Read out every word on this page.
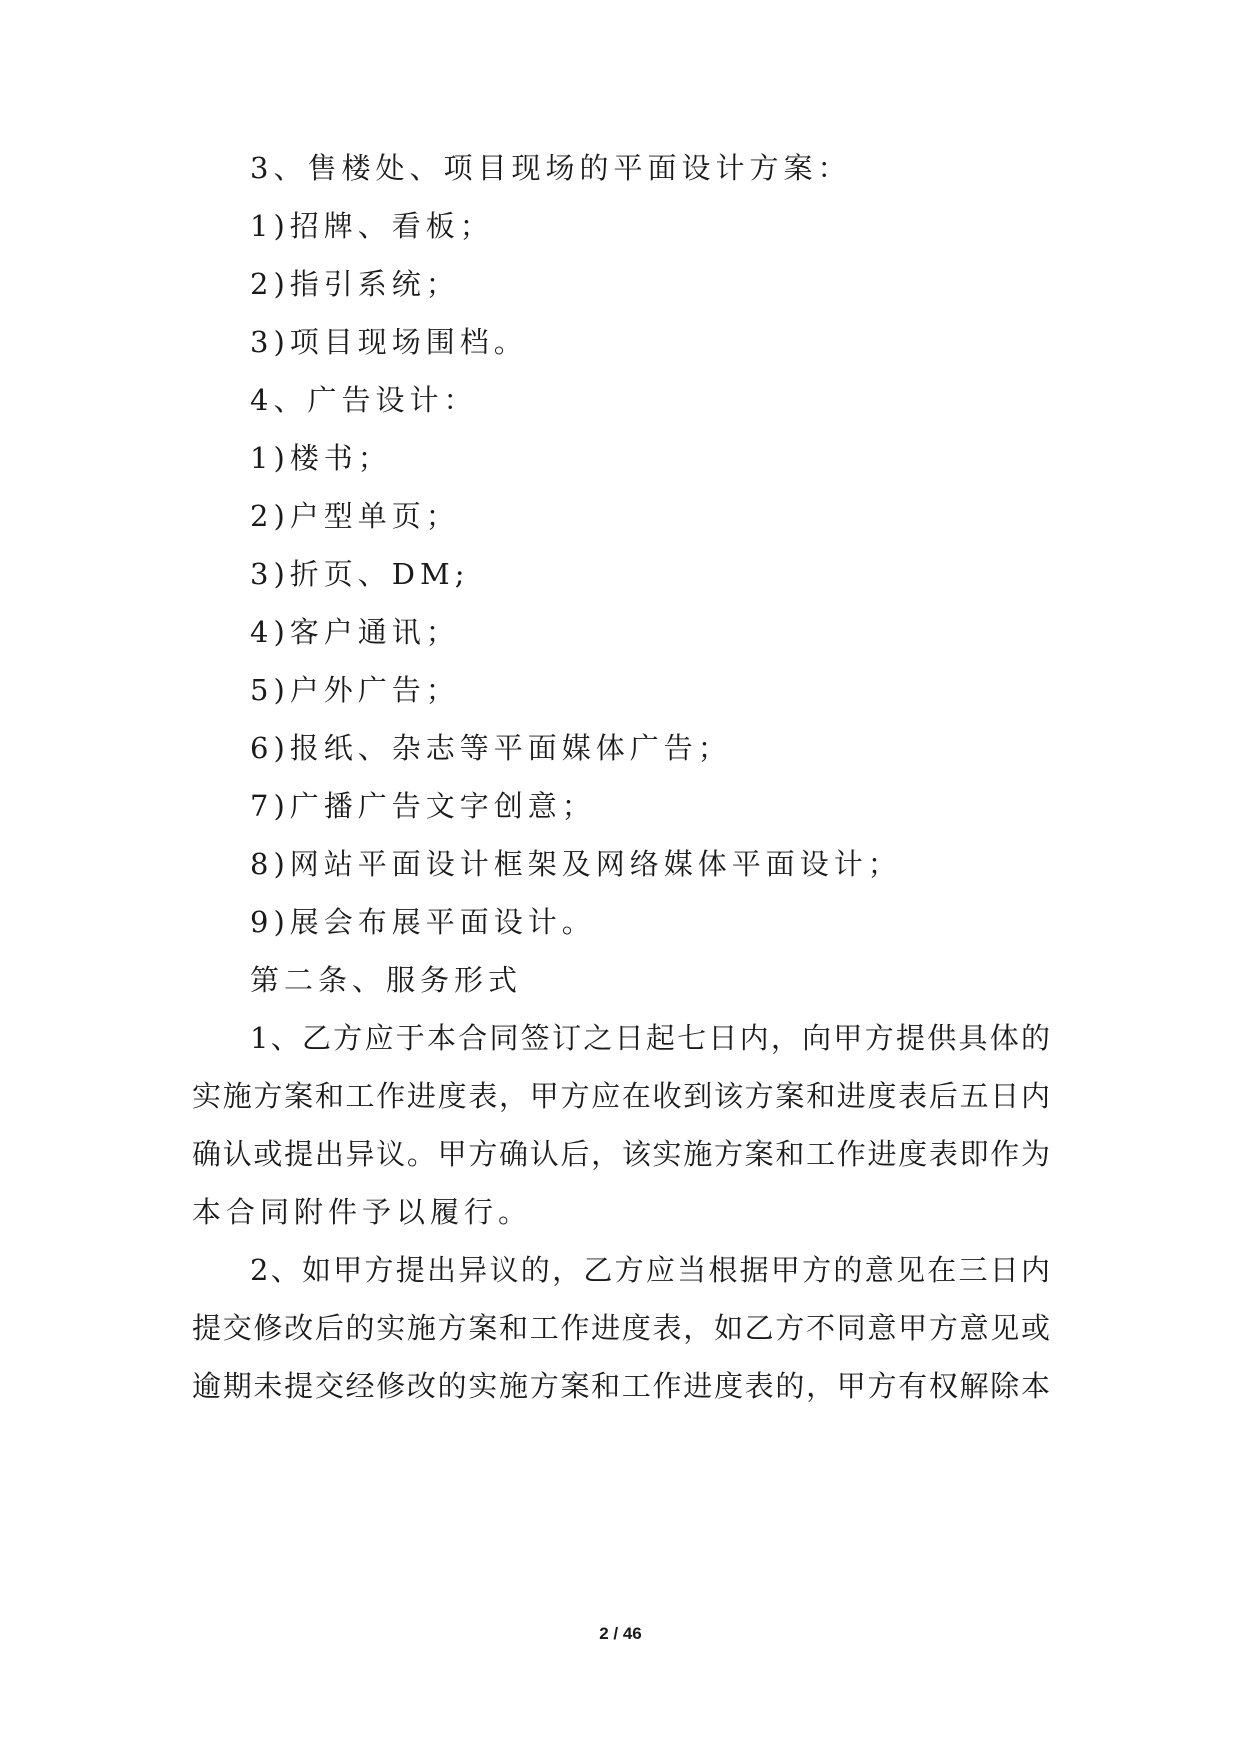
3、售楼处、项目现场的平面设计方案：
1)招牌、看板；
2)指引系统；
3)项目现场围档。
4、广告设计：
1)楼书；
2)户型单页；
3)折页、DM;
4)客户通讯；
5)户外广告；
6)报纸、杂志等平面媒体广告；
7)广播广告文字创意；
8)网站平面设计框架及网络媒体平面设计；
9)展会布展平面设计。
第二条、服务形式
1、乙方应于本合同签订之日起七日内，向甲方提供具体的
实施方案和工作进度表，甲方应在收到该方案和进度表后五日内
确认或提出异议。甲方确认后，该实施方案和工作进度表即作为
本合同附件予以履行。
2、如甲方提出异议的，乙方应当根据甲方的意见在三日内
提交修改后的实施方案和工作进度表，如乙方不同意甲方意见或
逾期未提交经修改的实施方案和工作进度表的，甲方有权解除本
2 / 46
